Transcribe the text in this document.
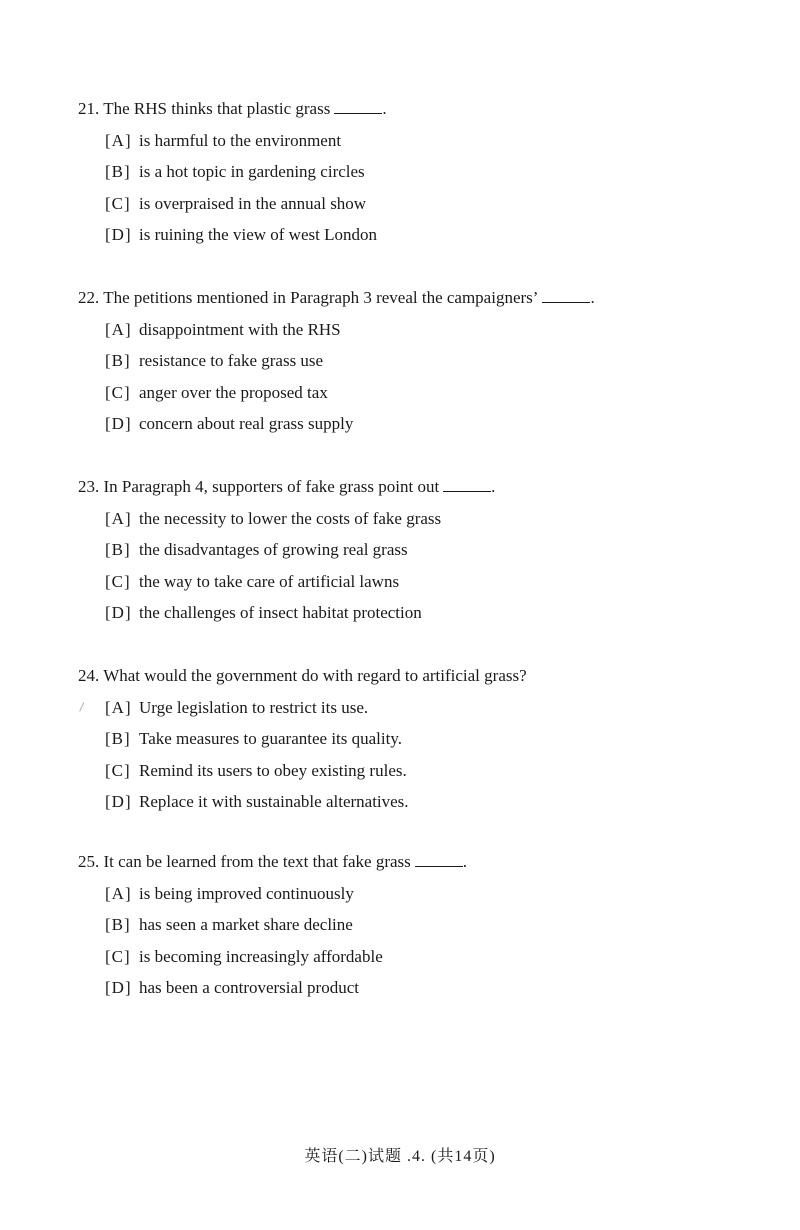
21. The RHS thinks that plastic grass	.
[A] is harmful to the environment
[B] is a hot topic in gardening circles
[C] is overpraised in the annual show
[D] is ruining the view of west London
22. The petitions mentioned in Paragraph 3 reveal the campaigners’	.
[A] disappointment with the RHS
[B] resistance to fake grass use
[C] anger over the proposed tax
[D] concern about real grass supply
23. In Paragraph 4, supporters of fake grass point out	.
[A] the necessity to lower the costs of fake grass
[B] the disadvantages of growing real grass
[C] the way to take care of artificial lawns
[D] the challenges of insect habitat protection
24. What would the government do with regard to artificial grass?
[A] Urge legislation to restrict its use.
[B] Take measures to guarantee its quality.
[C] Remind its users to obey existing rules.
[D] Replace it with sustainable alternatives.
25. It can be learned from the text that fake grass	.
[A] is being improved continuously
[B] has seen a market share decline
[C] is becoming increasingly affordable
[D] has been a controversial product
英语(二)试题 .4. (共14页)
